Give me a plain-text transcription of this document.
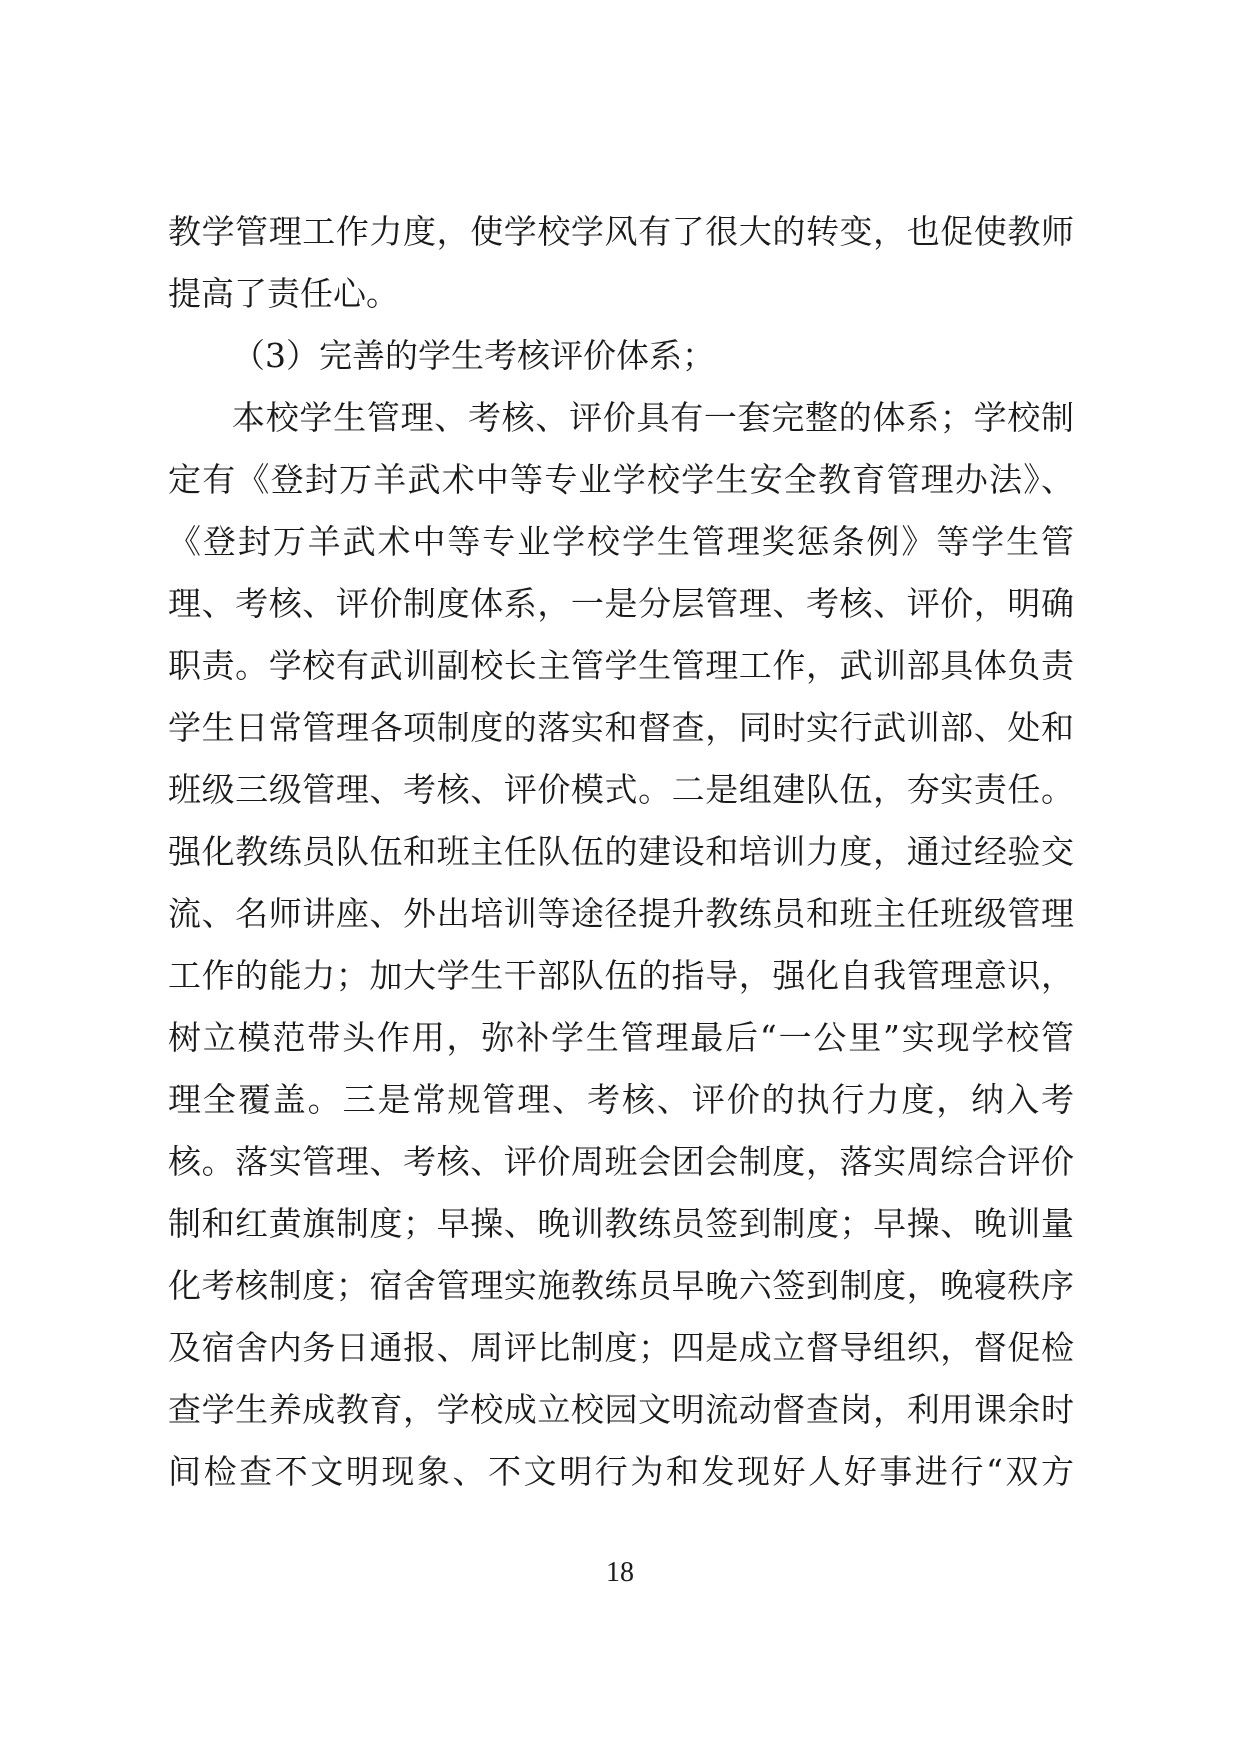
教学管理工作力度，使学校学风有了很大的转变，也促使教师
提高了责任心。
（3）完善的学生考核评价体系；
本校学生管理、考核、评价具有一套完整的体系；学校制
定有《登封万羊武术中等专业学校学生安全教育管理办法》、
《登封万羊武术中等专业学校学生管理奖惩条例》等学生管
理、考核、评价制度体系，一是分层管理、考核、评价，明确
职责。学校有武训副校长主管学生管理工作，武训部具体负责
学生日常管理各项制度的落实和督查，同时实行武训部、处和
班级三级管理、考核、评价模式。二是组建队伍，夯实责任。
强化教练员队伍和班主任队伍的建设和培训力度，通过经验交
流、名师讲座、外出培训等途径提升教练员和班主任班级管理
工作的能力；加大学生干部队伍的指导，强化自我管理意识，
树立模范带头作用，弥补学生管理最后“一公里”实现学校管
理全覆盖。三是常规管理、考核、评价的执行力度，纳入考
核。落实管理、考核、评价周班会团会制度，落实周综合评价
制和红黄旗制度；早操、晚训教练员签到制度；早操、晚训量
化考核制度；宿舍管理实施教练员早晚六签到制度，晚寝秩序
及宿舍内务日通报、周评比制度；四是成立督导组织，督促检
查学生养成教育，学校成立校园文明流动督查岗，利用课余时
间检查不文明现象、不文明行为和发现好人好事进行“双方
18
